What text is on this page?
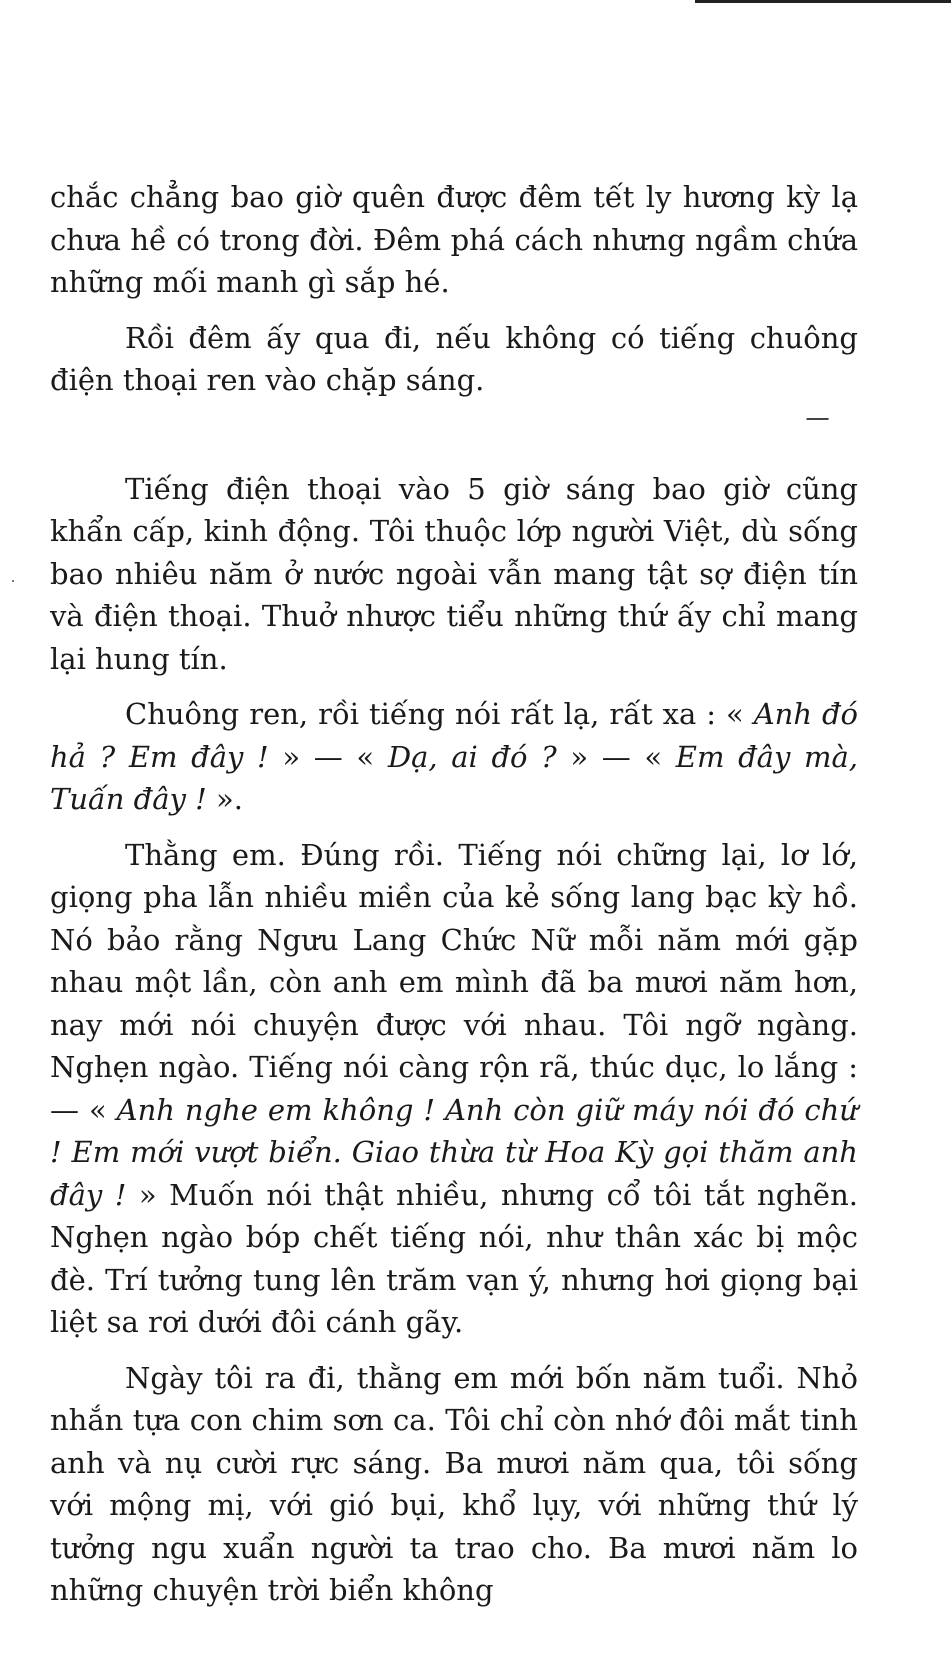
chắc chẳng bao giờ quên được đêm tết ly hương kỳ lạ chưa hề có trong đời. Đêm phá cách nhưng ngầm chứa những mối manh gì sắp hé.

Rồi đêm ấy qua đi, nếu không có tiếng chuông điện thoại ren vào chặp sáng.

Tiếng điện thoại vào 5 giờ sáng bao giờ cũng khẩn cấp, kinh động. Tôi thuộc lớp người Việt, dù sống bao nhiêu năm ở nước ngoài vẫn mang tật sợ điện tín và điện thoại. Thuở nhược tiểu những thứ ấy chỉ mang lại hung tín.

Chuông ren, rồi tiếng nói rất lạ, rất xa : « Anh đó hả ? Em đây ! » — « Dạ, ai đó ? » — « Em đây mà, Tuấn đây ! ».

Thằng em. Đúng rồi. Tiếng nói chững lại, lơ lớ, giọng pha lẫn nhiều miền của kẻ sống lang bạc kỳ hồ. Nó bảo rằng Ngưu Lang Chức Nữ mỗi năm mới gặp nhau một lần, còn anh em mình đã ba mươi năm hơn, nay mới nói chuyện được với nhau. Tôi ngỡ ngàng. Nghẹn ngào. Tiếng nói càng rộn rã, thúc dục, lo lắng : — « Anh nghe em không ! Anh còn giữ máy nói đó chứ ! Em mới vượt biển. Giao thừa từ Hoa Kỳ gọi thăm anh đây ! » Muốn nói thật nhiều, nhưng cổ tôi tắt nghẽn. Nghẹn ngào bóp chết tiếng nói, như thân xác bị mộc đè. Trí tưởng tung lên trăm vạn ý, nhưng hơi giọng bại liệt sa rơi dưới đôi cánh gãy.

Ngày tôi ra đi, thằng em mới bốn năm tuổi. Nhỏ nhắn tựa con chim sơn ca. Tôi chỉ còn nhớ đôi mắt tinh anh và nụ cười rực sáng. Ba mươi năm qua, tôi sống với mộng mị, với gió bụi, khổ lụy, với những thứ lý tưởng ngu xuẩn người ta trao cho. Ba mươi năm lo những chuyện trời biển không
